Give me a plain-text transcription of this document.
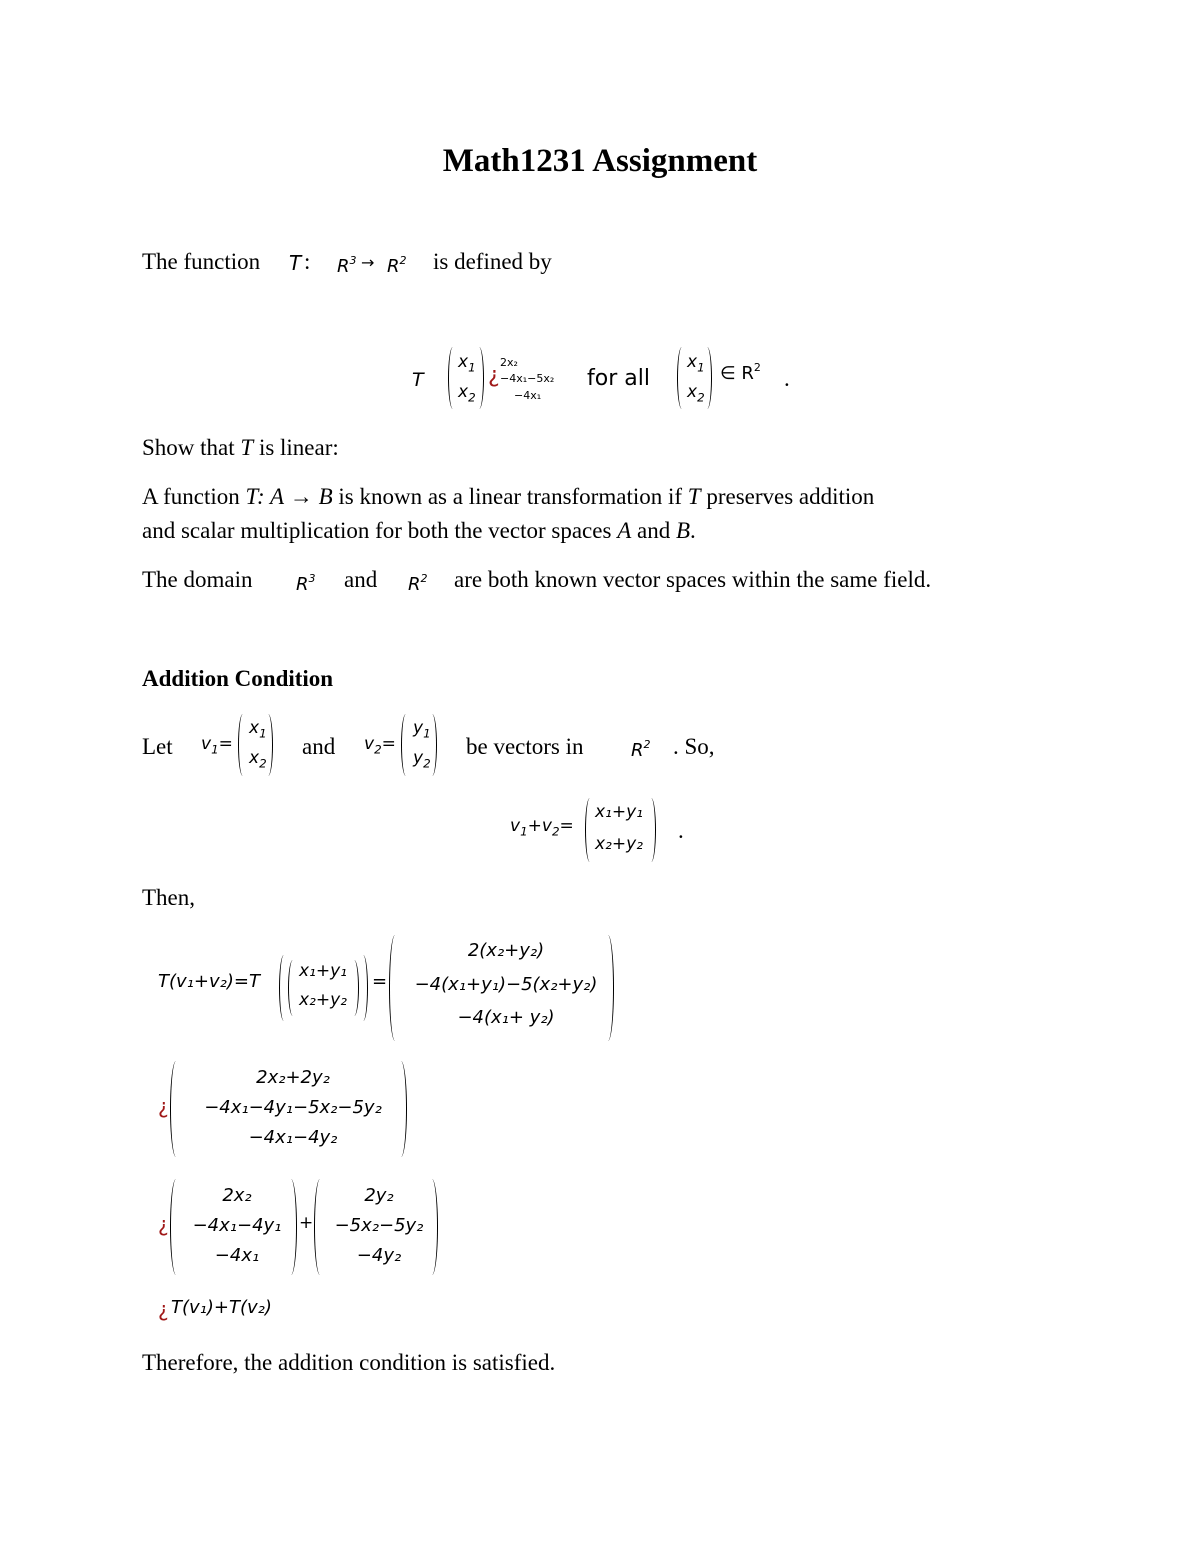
Math1231 Assignment
The function T : $R^3 \to R^2$ is defined by
T
$x_1$
$x_2$
¿
2x₂
−4x₁−5x₂
−4x₁
for all
$x_1$
$x_2$
∈ $R^2$ .
Show that T is linear:
A function T: A → B is known as a linear transformation if T preserves addition
and scalar multiplication for both the vector spaces A and B.
The domain $R^3$ and $R^2$ are both known vector spaces within the same field.
Addition Condition
Let $v_1=$
$x_1$
$x_2$
and $v_2=$
$y_1$
$y_2$
be vectors in	$R^2$ . So,
$v_1+v_2=$
x₁+y₁
x₂+y₂
.
Then,
T(v₁+v₂)=T x₁+y₁
x₂+y₂
=
2(x₂+y₂)
−4(x₁+y₁)−5(x₂+y₂)
−4(x₁+ y₂)
¿
2x₂+2y₂
−4x₁−4y₁−5x₂−5y₂
−4x₁−4y₂
¿
2x₂
−4x₁−4y₁
−4x₁
+
2y₂
−5x₂−5y₂
−4y₂
¿ T(v₁)+T(v₂)
Therefore, the addition condition is satisfied.
